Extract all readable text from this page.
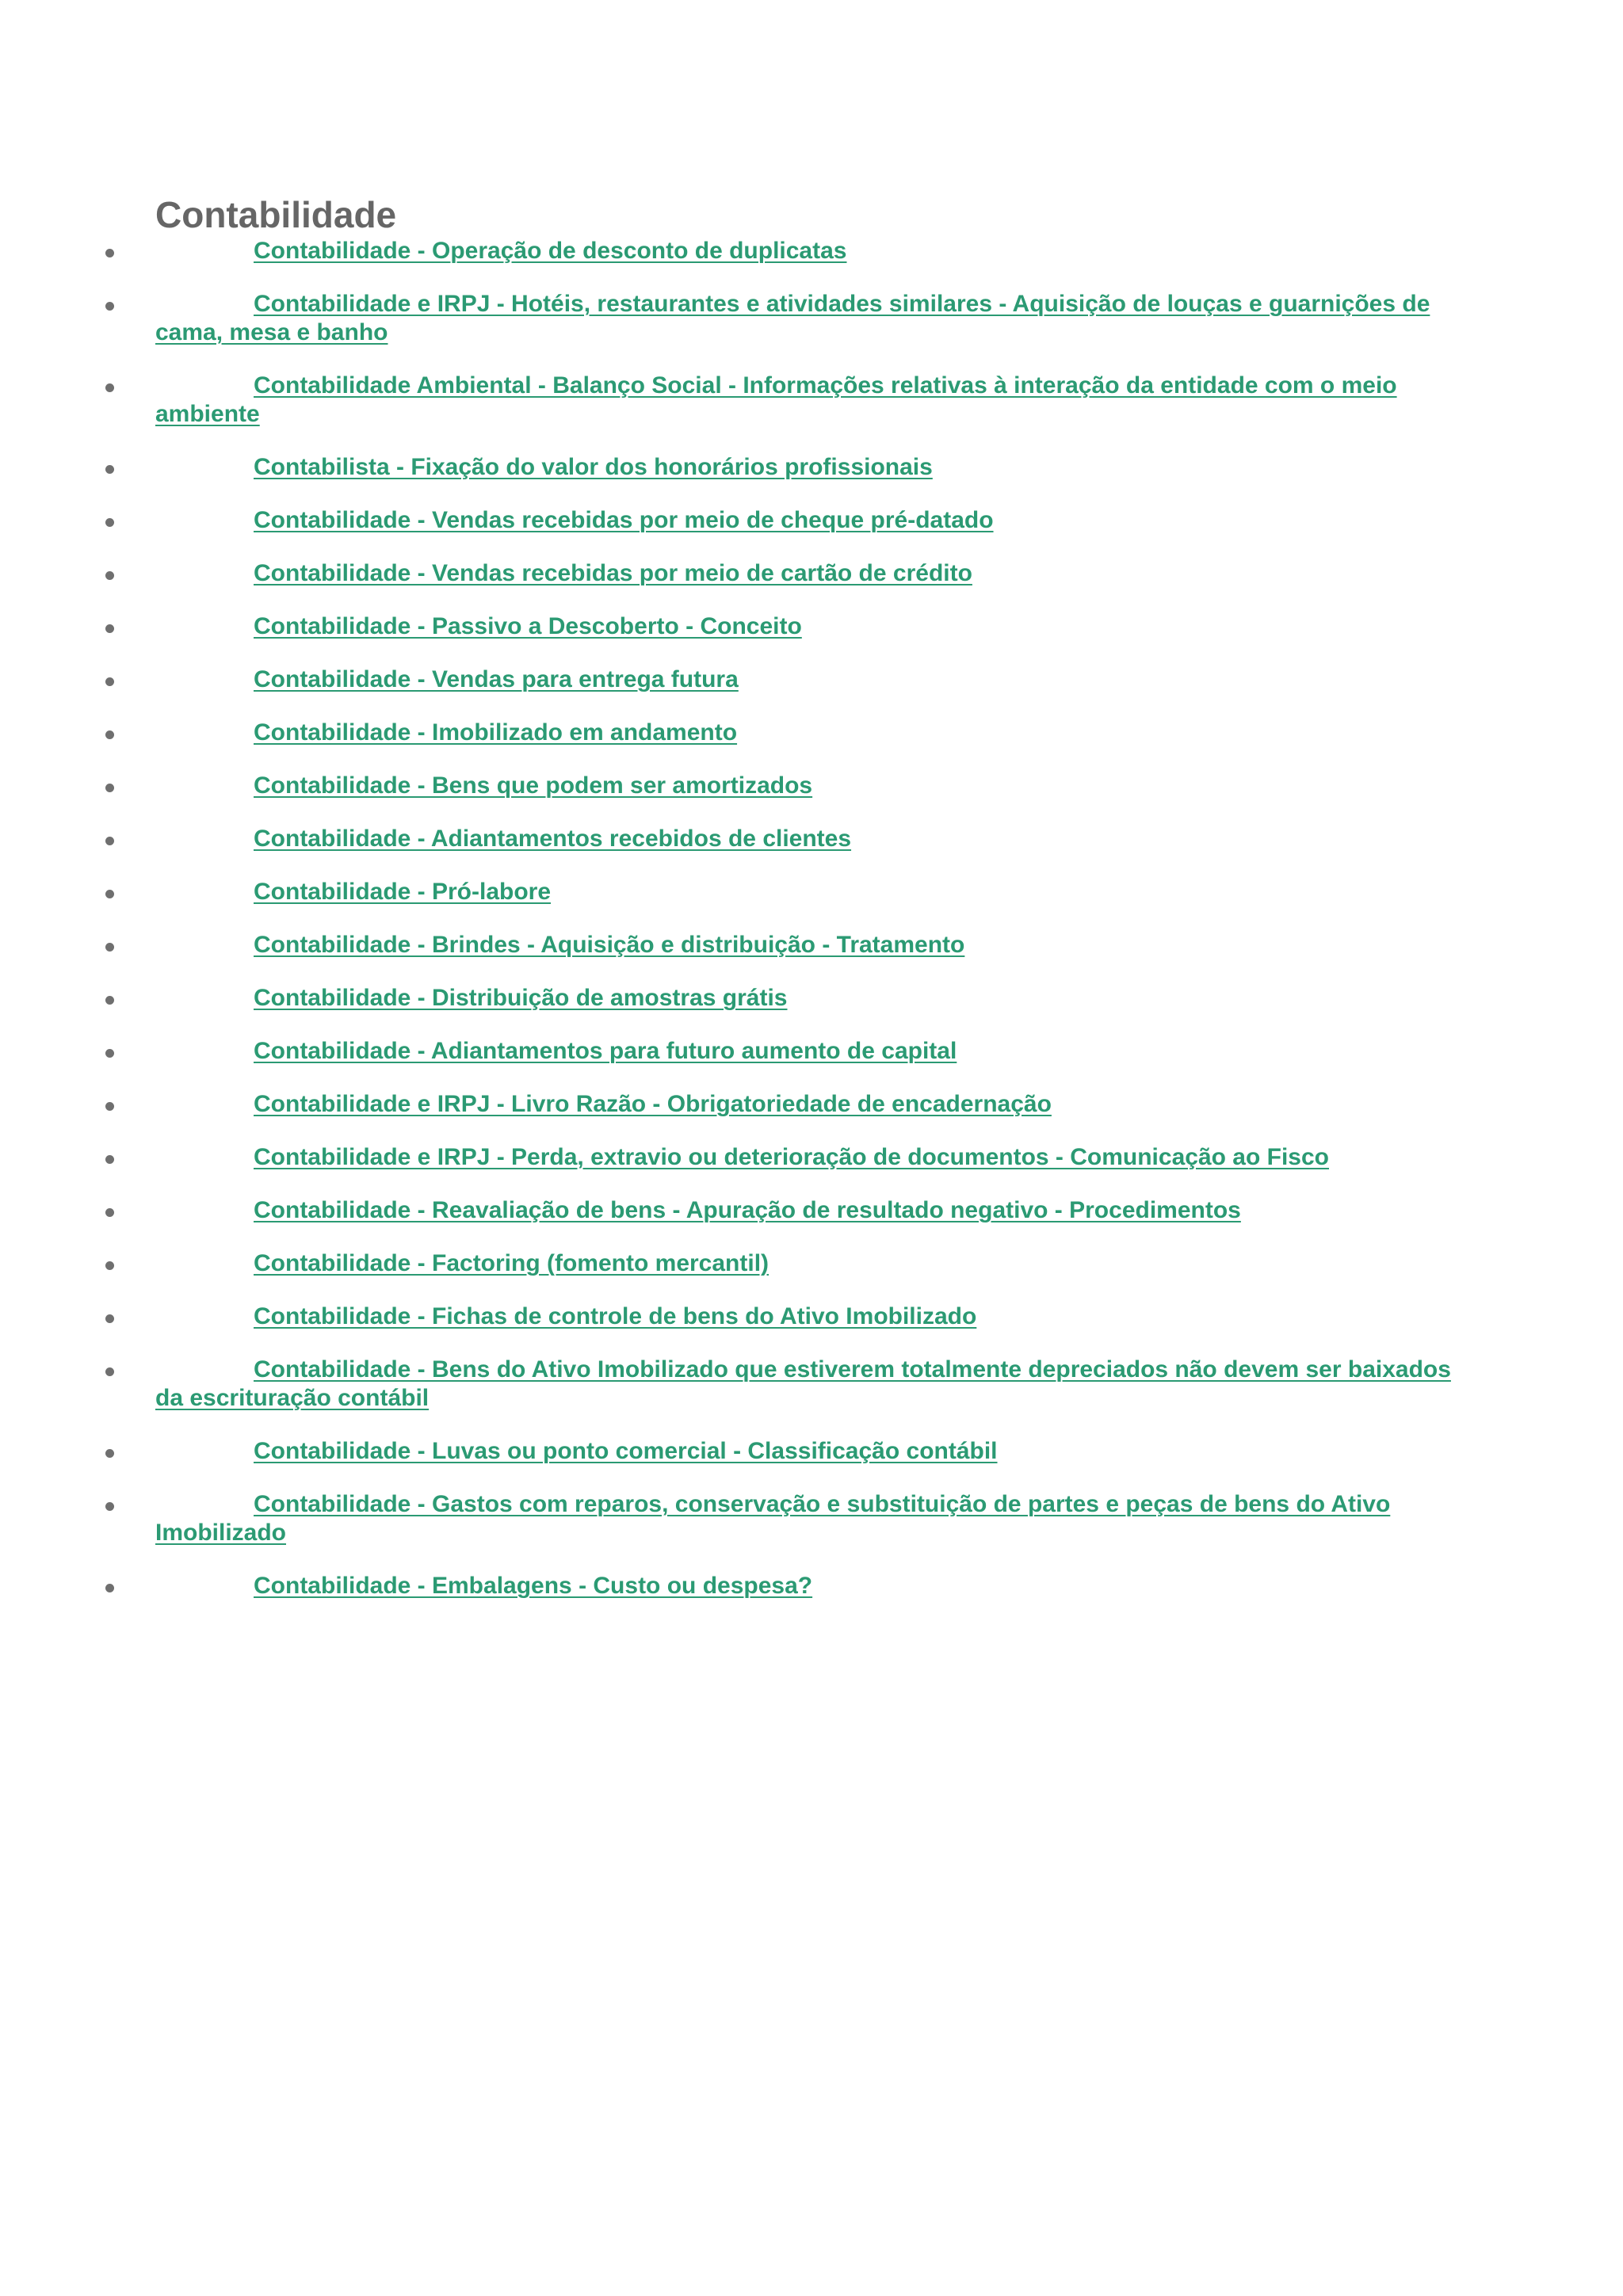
Contabilidade
Contabilidade - Operação de desconto de duplicatas
Contabilidade e IRPJ - Hotéis, restaurantes e atividades similares - Aquisição de louças e guarnições de cama, mesa e banho
Contabilidade Ambiental - Balanço Social - Informações relativas à interação da entidade com o meio ambiente
Contabilista - Fixação do valor dos honorários profissionais
Contabilidade - Vendas recebidas por meio de cheque pré-datado
Contabilidade - Vendas recebidas por meio de cartão de crédito
Contabilidade - Passivo a Descoberto - Conceito
Contabilidade - Vendas para entrega futura
Contabilidade - Imobilizado em andamento
Contabilidade - Bens que podem ser amortizados
Contabilidade - Adiantamentos recebidos de clientes
Contabilidade - Pró-labore
Contabilidade - Brindes - Aquisição e distribuição - Tratamento
Contabilidade - Distribuição de amostras grátis
Contabilidade - Adiantamentos para futuro aumento de capital
Contabilidade e IRPJ - Livro Razão - Obrigatoriedade de encadernação
Contabilidade e IRPJ - Perda, extravio ou deterioração de documentos - Comunicação ao Fisco
Contabilidade - Reavaliação de bens - Apuração de resultado negativo - Procedimentos
Contabilidade - Factoring (fomento mercantil)
Contabilidade - Fichas de controle de bens do Ativo Imobilizado
Contabilidade - Bens do Ativo Imobilizado que estiverem totalmente depreciados não devem ser baixados da escrituração contábil
Contabilidade - Luvas ou ponto comercial - Classificação contábil
Contabilidade - Gastos com reparos, conservação e substituição de partes e peças de bens do Ativo Imobilizado
Contabilidade - Embalagens - Custo ou despesa?
